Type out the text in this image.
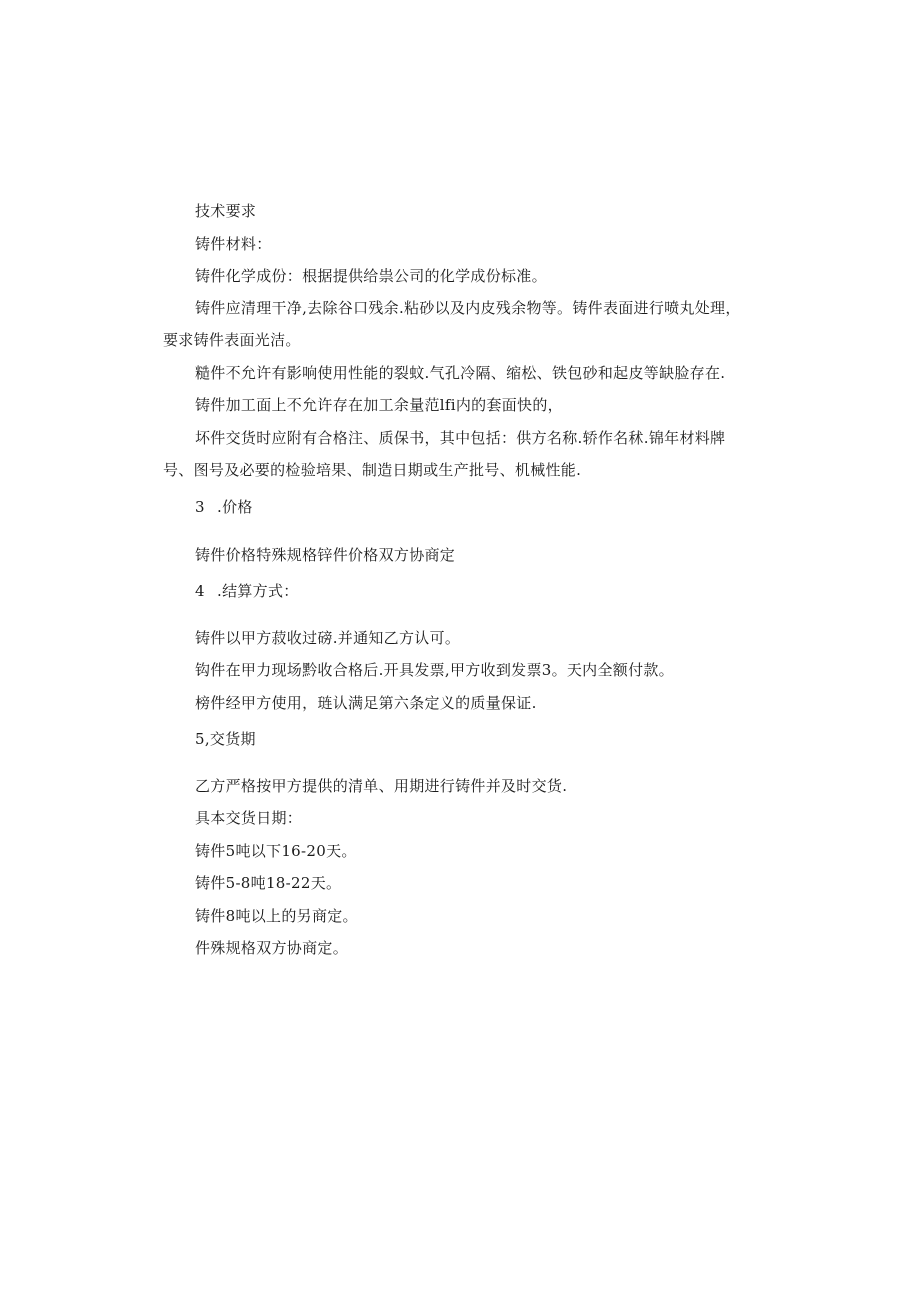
技术要求
铸件材料：
铸件化学成份：根据提供给祟公司的化学成份标准。
铸件应清理干净,去除谷口残余.粘砂以及内皮残余物等。铸件表面进行喷丸处理，
要求铸件表面光洁。
糙件不允许有影响使用性能的裂蚊.气孔冷隔、缩松、铁包砂和起皮等缺脸存在.
铸件加工面上不允许存在加工余量范lfi内的套面快的，
坏件交货时应附有合格注、质保书，其中包括：供方名称.轿作名秫.锦年材料牌
号、图号及必要的检验培果、制造日期或生产批号、机械性能.
3 .价格
铸件价格特殊规格锌件价格双方协商定
4 .结算方式：
铸件以甲方菽收过磅.并通知乙方认可。
钩件在甲力现场黔收合格后.开具发票,甲方收到发票3。天内全额付款。
榜件经甲方使用，琏认满足第六条定义的质量保证.
5,交货期
乙方严格按甲方提供的清单、用期进行铸件并及时交货.
具本交货日期：
铸件5吨以下16-20天。
铸件5-8吨18-22天。
铸件8吨以上的另商定。
件殊规格双方协商定。
